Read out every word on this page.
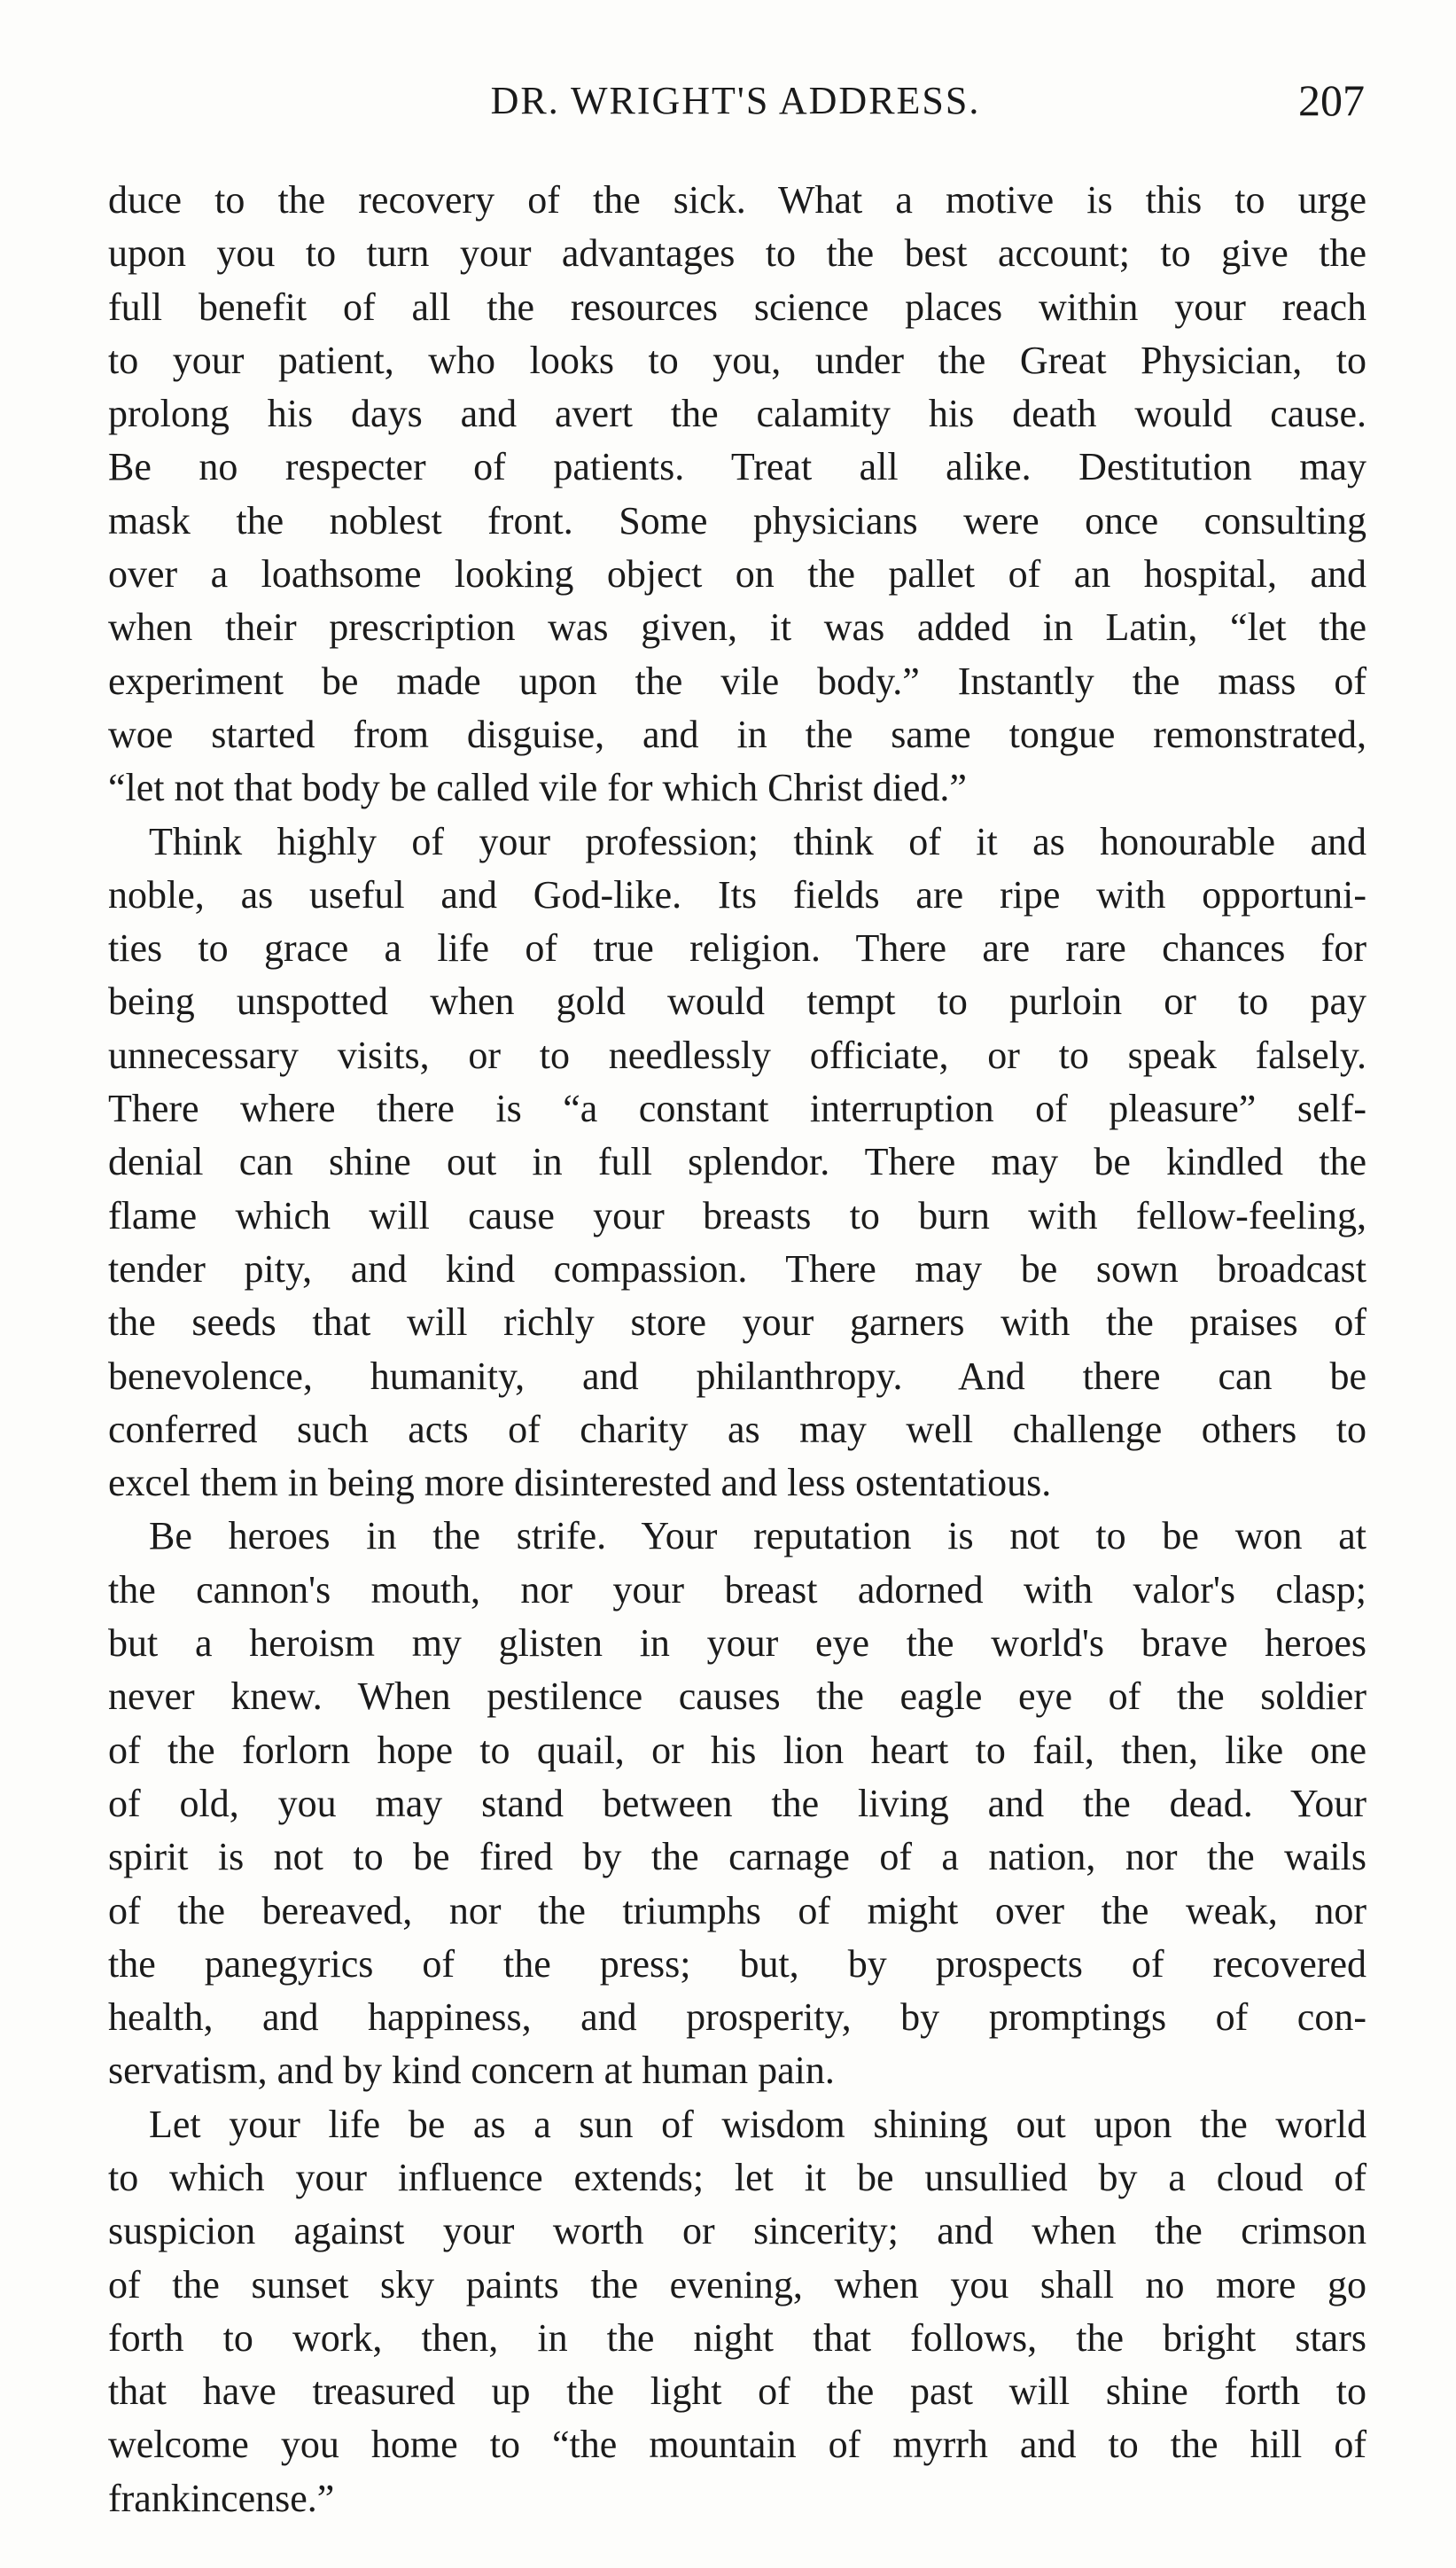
DR. WRIGHT'S ADDRESS.	207
duce to the recovery of the sick. What a motive is this to urge
upon you to turn your advantages to the best account; to give the
full benefit of all the resources science places within your reach
to your patient, who looks to you, under the Great Physician, to
prolong his days and avert the calamity his death would cause.
Be no respecter of patients. Treat all alike. Destitution may
mask the noblest front. Some physicians were once consulting
over a loathsome looking object on the pallet of an hospital, and
when their prescription was given, it was added in Latin, “let the
experiment be made upon the vile body.” Instantly the mass of
woe started from disguise, and in the same tongue remonstrated,
“let not that body be called vile for which Christ died.”
Think highly of your profession; think of it as honourable and
noble, as useful and God-like. Its fields are ripe with opportuni-
ties to grace a life of true religion. There are rare chances for
being unspotted when gold would tempt to purloin or to pay
unnecessary visits, or to needlessly officiate, or to speak falsely.
There where there is “a constant interruption of pleasure” self-
denial can shine out in full splendor. There may be kindled the
flame which will cause your breasts to burn with fellow-feeling,
tender pity, and kind compassion. There may be sown broadcast
the seeds that will richly store your garners with the praises of
benevolence, humanity, and philanthropy. And there can be
conferred such acts of charity as may well challenge others to
excel them in being more disinterested and less ostentatious.
Be heroes in the strife. Your reputation is not to be won at
the cannon's mouth, nor your breast adorned with valor's clasp;
but a heroism my glisten in your eye the world's brave heroes
never knew. When pestilence causes the eagle eye of the soldier
of the forlorn hope to quail, or his lion heart to fail, then, like one
of old, you may stand between the living and the dead. Your
spirit is not to be fired by the carnage of a nation, nor the wails
of the bereaved, nor the triumphs of might over the weak, nor
the panegyrics of the press; but, by prospects of recovered
health, and happiness, and prosperity, by promptings of con-
servatism, and by kind concern at human pain.
Let your life be as a sun of wisdom shining out upon the world
to which your influence extends; let it be unsullied by a cloud of
suspicion against your worth or sincerity; and when the crimson
of the sunset sky paints the evening, when you shall no more go
forth to work, then, in the night that follows, the bright stars
that have treasured up the light of the past will shine forth to
welcome you home to “the mountain of myrrh and to the hill of
frankincense.”
